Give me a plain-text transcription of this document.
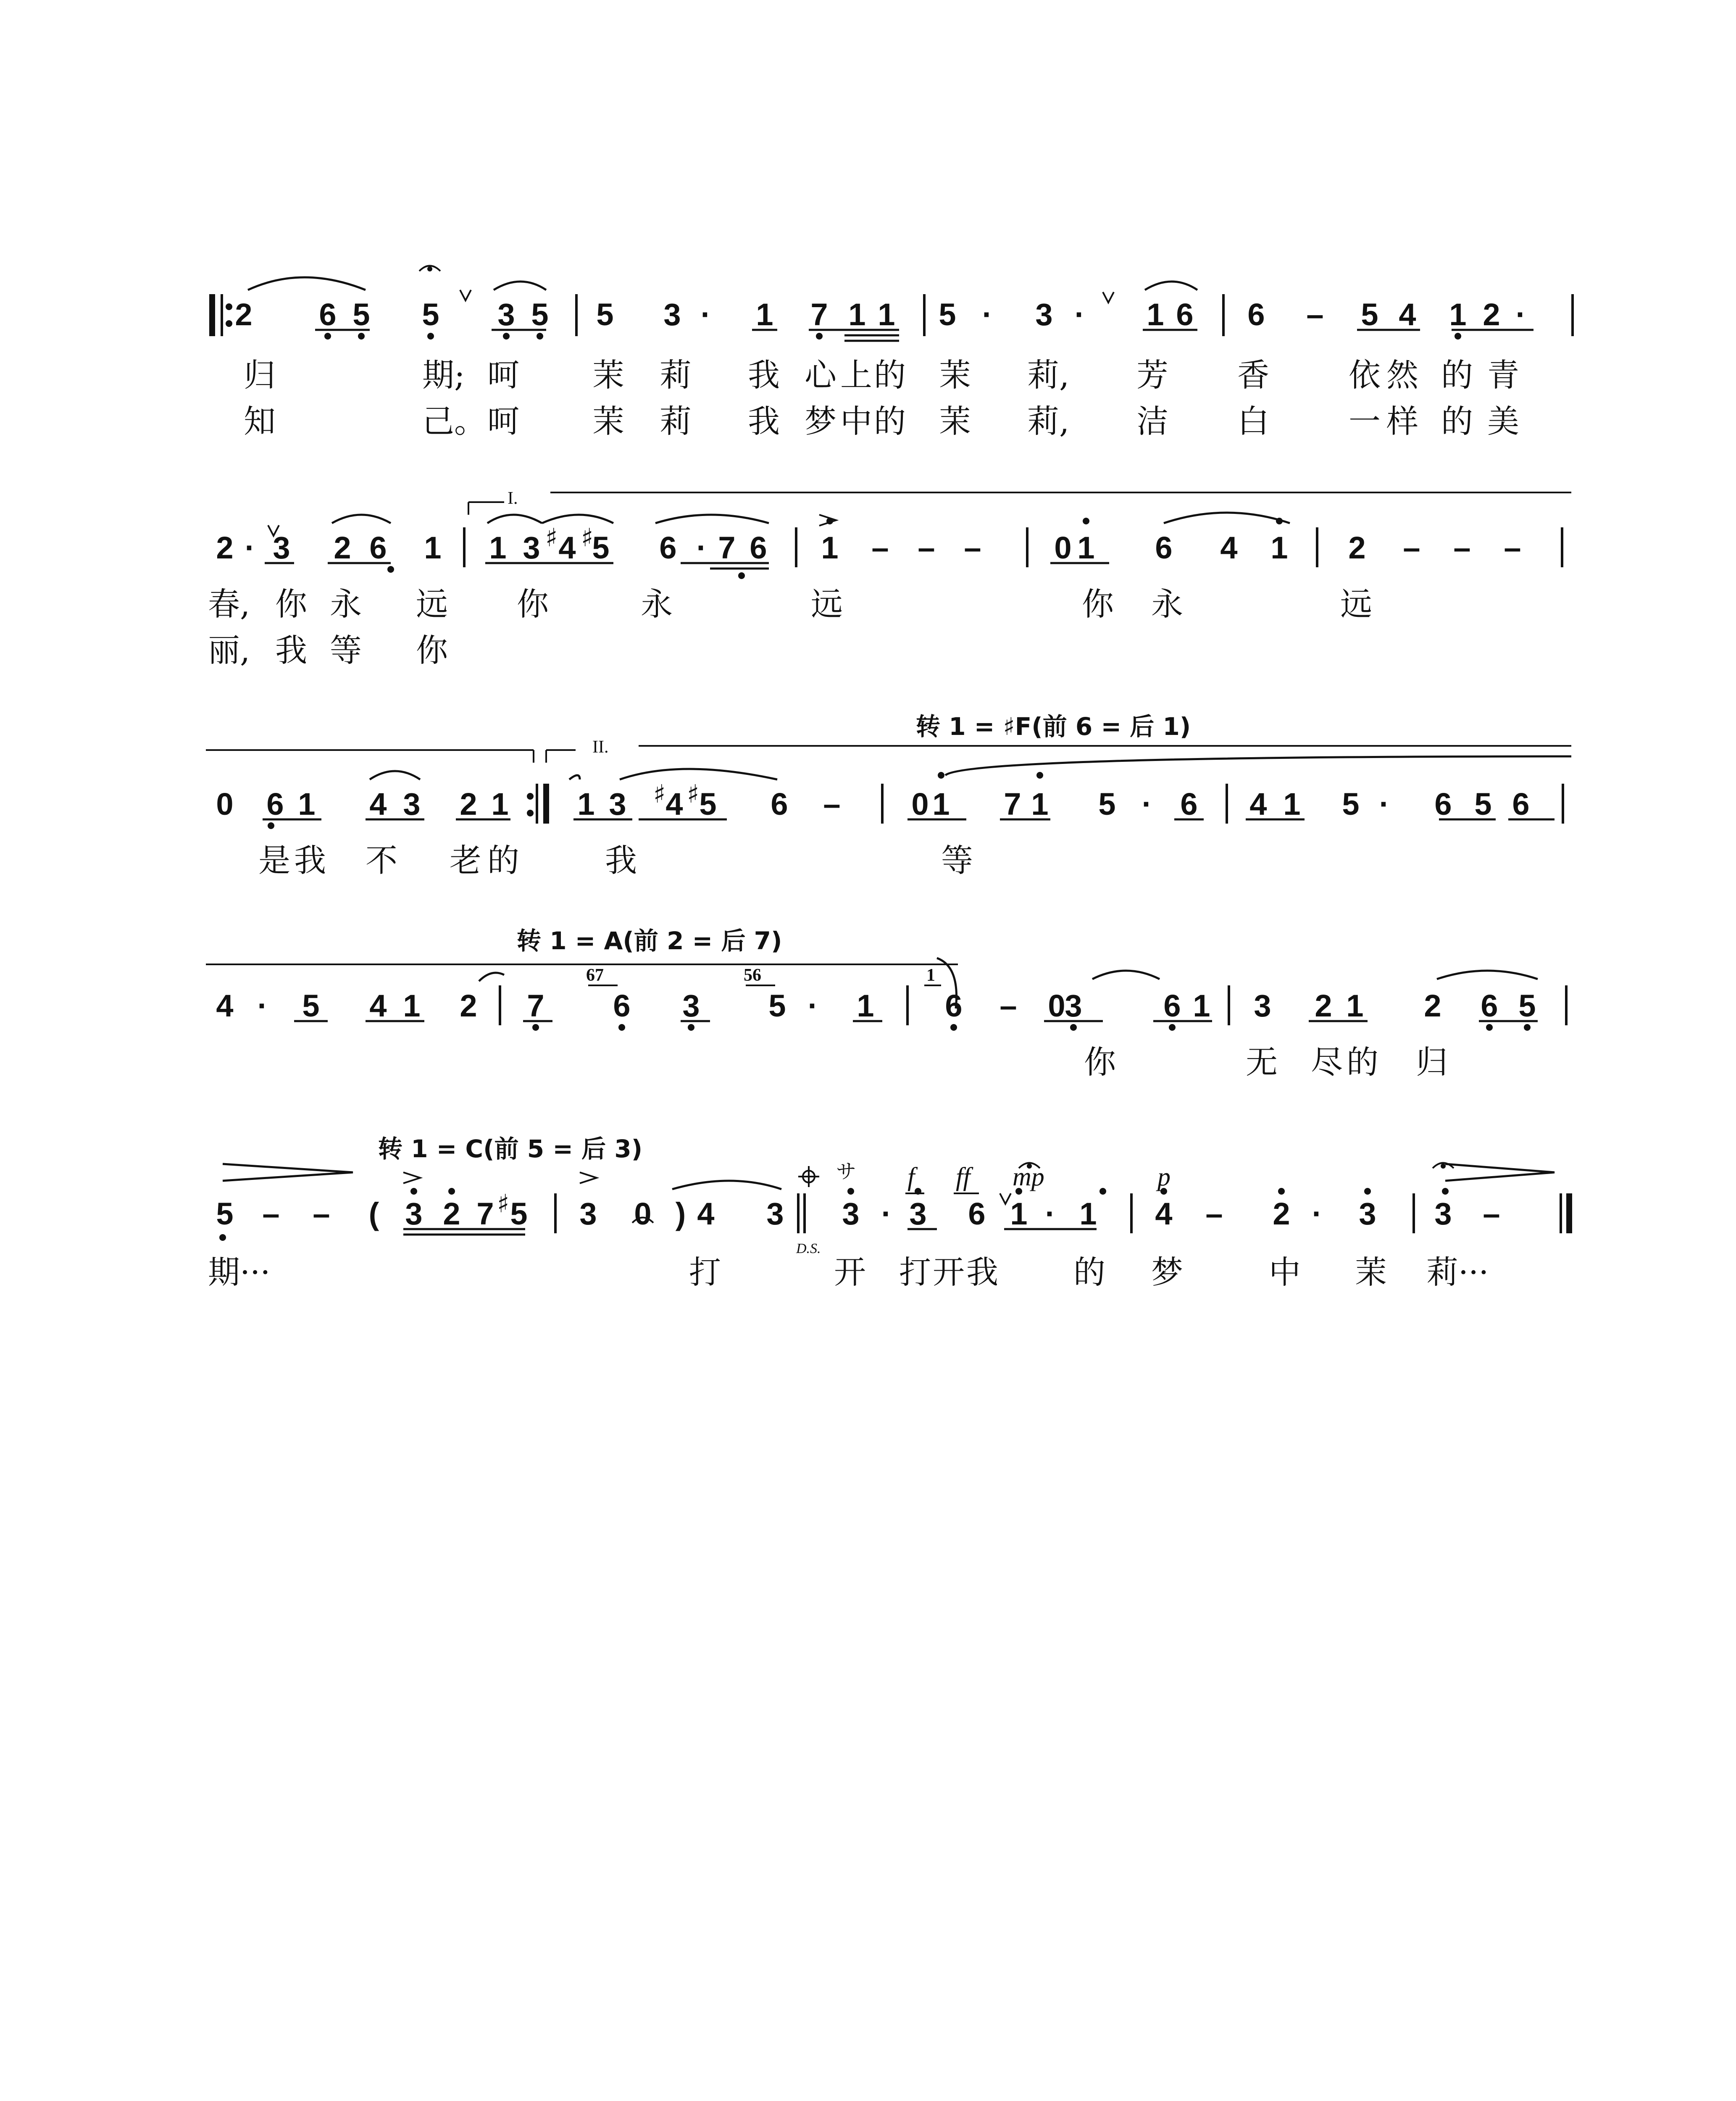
2 6 5 5 3 5 5 3 · 1 7 1 1 5 · 3 · 1 6 6 – 5 4 1 2 ·
归	期; 呵 茉 莉 我 心 上 的 茉 莉, 芳 香 依 然 的 青
知	己。 呵 茉 莉 我 梦 中 的 茉 莉, 洁 白 一 样 的 美
I.
2 · 3 2 6 1 1 3 ♯ 4 ♯
5 6 · 7 6 1 – – – 0 1 6 4 1 2 – – –
春, 你 永 远 你	永	远	你 永	远
丽, 我 等 你
II.
转 1 = ♯F(前 6 = 后 1)
0 6 1 4 3 2 1 1 3 ♯ 4 ♯ 5 6 – 0 1 7 1 5 · 6 4 1 5 · 6 5 6
是 我 不 老 的	我	等
转 1 = A(前 2 = 后 7)
67	56	1
4 · 5 4 1 2 7 6 3 5 · 1 6 – 0
3	6 1 3 2 1 2 6 5
你	无 尽 的 归
转 1 = C(前 5 = 后 3)
サ f ff mp	p
D.S.
5 – – ( 3 2 7 ♯ 5 3 0 ) 4 3 3 · 3 6 1 · 1 4 – 2 · 3 3 –
期···	打	开 打 开 我 的 梦	中 茉 莉···
